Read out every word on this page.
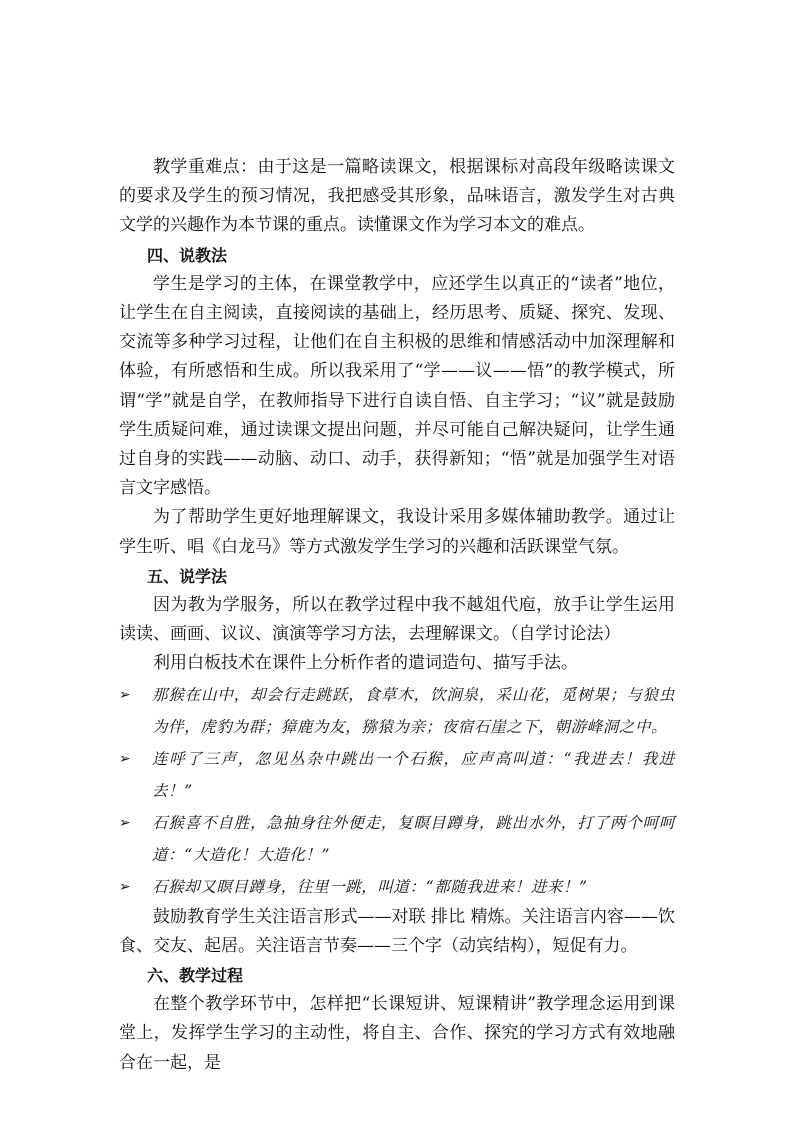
教学重难点：由于这是一篇略读课文，根据课标对高段年级略读课文的要求及学生的预习情况，我把感受其形象，品味语言，激发学生对古典文学的兴趣作为本节课的重点。读懂课文作为学习本文的难点。

四、说教法

学生是学习的主体，在课堂教学中，应还学生以真正的“读者”地位，让学生在自主阅读，直接阅读的基础上，经历思考、质疑、探究、发现、交流等多种学习过程，让他们在自主积极的思维和情感活动中加深理解和体验，有所感悟和生成。所以我采用了“学——议——悟”的教学模式，所谓“学”就是自学，在教师指导下进行自读自悟、自主学习；“议”就是鼓励学生质疑问难，通过读课文提出问题，并尽可能自己解决疑问，让学生通过自身的实践——动脑、动口、动手，获得新知；“悟”就是加强学生对语言文字感悟。

为了帮助学生更好地理解课文，我设计采用多媒体辅助教学。通过让学生听、唱《白龙马》等方式激发学生学习的兴趣和活跃课堂气氛。

五、说学法

因为教为学服务，所以在教学过程中我不越俎代庖，放手让学生运用读读、画画、议议、演演等学习方法，去理解课文。（自学讨论法）

利用白板技术在课件上分析作者的遣词造句、描写手法。

➢ 那猴在山中，却会行走跳跃，食草木，饮涧泉，采山花，觅树果；与狼虫为伴，虎豹为群；獐鹿为友，猕猿为亲；夜宿石崖之下，朝游峰洞之中。

➢ 连呼了三声，忽见丛杂中跳出一个石猴，应声高叫道：“我进去！我进去！”

➢ 石猴喜不自胜，急抽身往外便走，复瞑目蹲身，跳出水外，打了两个呵呵道：“大造化！大造化！”

➢ 石猴却又瞑目蹲身，往里一跳，叫道：“都随我进来！进来！”

鼓励教育学生关注语言形式——对联 排比 精炼。关注语言内容——饮食、交友、起居。关注语言节奏——三个字（动宾结构），短促有力。

六、教学过程

在整个教学环节中，怎样把“长课短讲、短课精讲”教学理念运用到课堂上，发挥学生学习的主动性，将自主、合作、探究的学习方式有效地融合在一起，是
